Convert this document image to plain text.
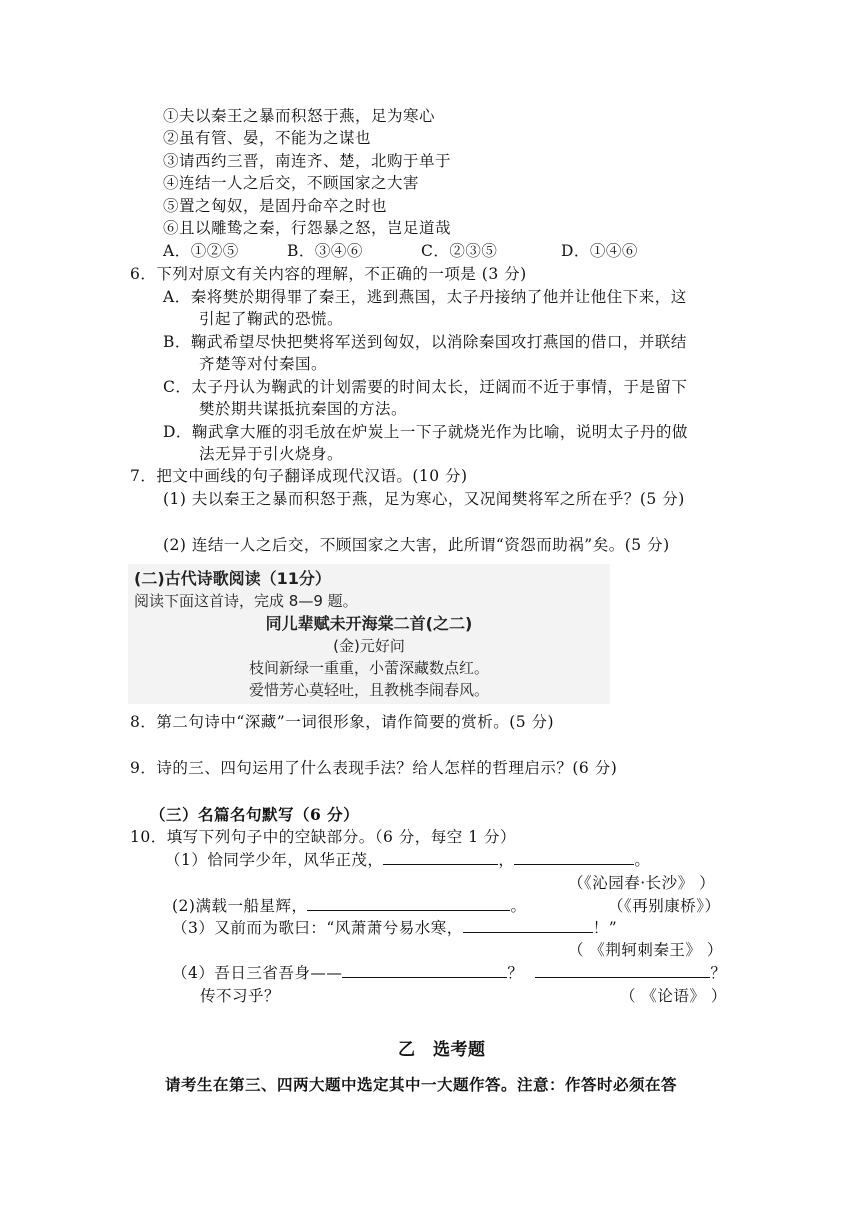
①夫以秦王之暴而积怒于燕，足为寒心
②虽有管、晏，不能为之谋也
③请西约三晋，南连齐、楚，北购于单于
④连结一人之后交，不顾国家之大害
⑤置之匈奴，是固丹命卒之时也
⑥且以雕鸷之秦，行怨暴之怒，岂足道哉
A．①②⑤	B．③④⑥	C．②③⑤	D．①④⑥
6．下列对原文有关内容的理解，不正确的一项是 (3 分)
A．秦将樊於期得罪了秦王，逃到燕国，太子丹接纳了他并让他住下来，这
引起了鞠武的恐慌。
B．鞠武希望尽快把樊将军送到匈奴，以消除秦国攻打燕国的借口，并联结
齐楚等对付秦国。
C．太子丹认为鞠武的计划需要的时间太长，迂阔而不近于事情，于是留下
樊於期共谋抵抗秦国的方法。
D．鞠武拿大雁的羽毛放在炉炭上一下子就烧光作为比喻，说明太子丹的做
法无异于引火烧身。
7．把文中画线的句子翻译成现代汉语。(10 分)
(1) 夫以秦王之暴而积怒于燕，足为寒心，又况闻樊将军之所在乎？(5 分)
(2) 连结一人之后交，不顾国家之大害，此所谓“资怨而助祸”矣。(5 分)
(二)古代诗歌阅读（11分）
阅读下面这首诗，完成 8—9 题。
同儿辈赋未开海棠二首(之二)
(金)元好问
枝间新绿一重重，小蕾深藏数点红。
爱惜芳心莫轻吐，且教桃李闹春风。
8．第二句诗中“深藏”一词很形象，请作简要的赏析。(5 分)
9．诗的三、四句运用了什么表现手法？给人怎样的哲理启示？(6 分)
（三）名篇名句默写（6 分）
10．填写下列句子中的空缺部分。（6 分，每空 1 分）
（1）恰同学少年，风华正茂，	，	。
（《沁园春·长沙》 ）
(2)满载一船星辉，	。	（《再别康桥》）
（3）又前而为歌曰：“风萧萧兮易水寒，	！”
（ 《荆轲刺秦王》 ）
（4）吾日三省吾身——	？	？
传不习乎？	（ 《论语》 ）
乙　选考题
请考生在第三、四两大题中选定其中一大题作答。注意：作答时必须在答
